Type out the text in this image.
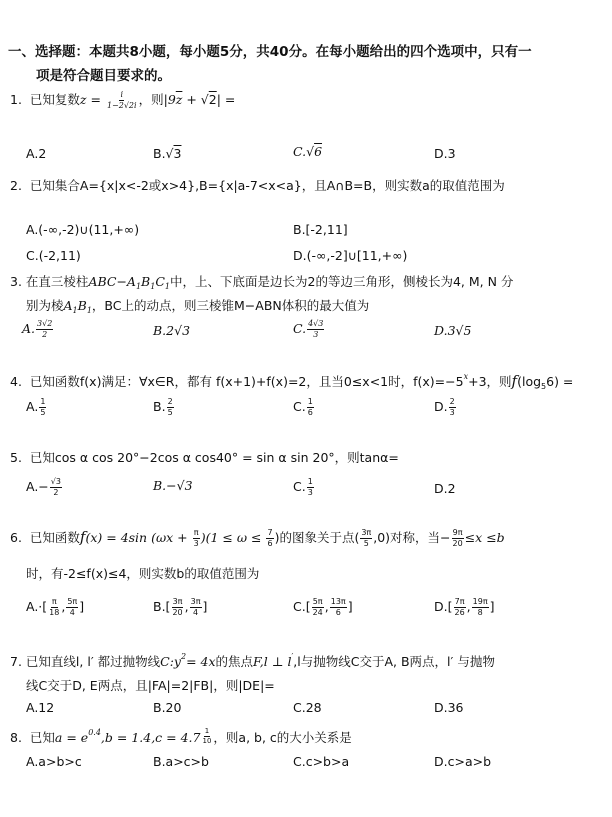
一、选择题：本题共8小题，每小题5分，共40分。在每小题给出的四个选项中，只有一
项是符合题目要求的。
1. 已知复数$z = \frac{i}{1-2√2i}$ ，则$|9\overline{z} + √2|$ =
A.2	B.√3	C.√6	D.3
2. 已知集合A={x|x<-2或x>4},B={x|a-7<x<a}，且A∩B=B，则实数a的取值范围为
A.(-∞,-2)∪(11,+∞)	B.[-2,11]
C.(-2,11)	D.(-∞,-2]∪[11,+∞)
3. 在直三棱柱$ABC-A_1B_1C_1$中，上、下底面是边长为2的等边三角形，侧棱长为4, M, N 分
别为棱$A_1B_1$，BC上的动点，则三棱锥M−ABN体积的最大值为
A. $\frac{3√2}{2}$	B.2√3	C. $\frac{4√3}{3}$	D.3√5
4. 已知函数f(x)满足：∀x∈R，都有 f(x+1)+f(x)=2，且当0≤x<1时，$f(x)=-5^x+3$，则$f(\log_56)$ =
A. $\frac{1}{5}$	B. $\frac{2}{5}$	C. $\frac{1}{6}$	D. $\frac{2}{3}$
5. 已知cos α cos 20°−2cos α cos40° = sin α sin 20°，则tanα=
$A.- \frac{√3}{2}$	B.−√3	C. $\frac{1}{3}$	D.2
6. 已知函数f(x) = 4sin $(\omega x + \frac{\pi}{3} )(1 \le \omega \le \frac{7}{6}$ )的图象关于点( $\frac{3\pi}{5} ,0$)对称，当− $\frac{9\pi}{20} \le x \le b$
时，有-2≤f(x)≤4，则实数b的取值范围为
$A.\cdot[ \frac{\pi}{18}$ , $\frac{5\pi}{4}$ ]	$B.[ \frac{3\pi}{20}$ , $\frac{3\pi}{4}$ ]	$C.[ \frac{5\pi}{24}$ , $\frac{13\pi}{6}$ ]	$D.[ \frac{7\pi}{26}$ , $\frac{19\pi}{8}$ ]
7. 已知直线l, l′ 都过抛物线$C:y^2= 4x$的焦点F,l ⊥ l′,l与抛物线C交于A, B两点，l′ 与抛物
线C交于D, E两点，且|FA|=2|FB|，则|DE|=
A.12	B.20	C.28	D.36
8. 已知$a = e^{0.4},b = 1.4,c = 4.7 \frac{1}{10}$ ，则a, b, c的大小关系是
A.a>b>c	B.a>c>b	C.c>b>a	D.c>a>b
